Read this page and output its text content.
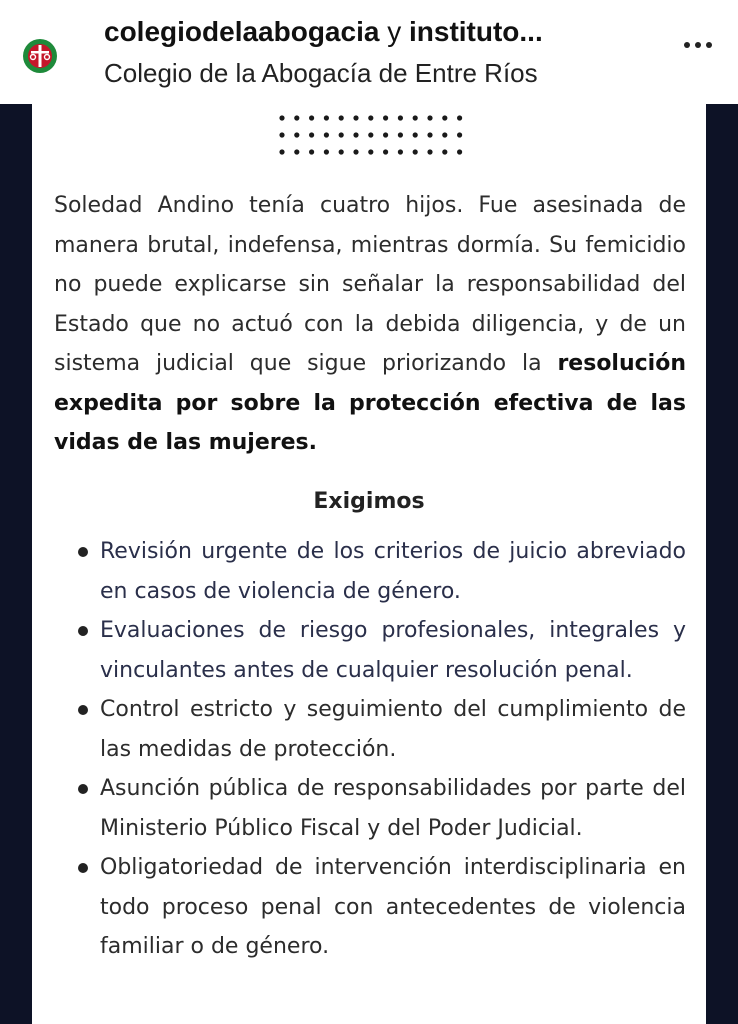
colegiodelaabogacia y instituto...
Colegio de la Abogacía de Entre Ríos

Soledad Andino tenía cuatro hijos. Fue asesinada de manera brutal, indefensa, mientras dormía. Su femicidio no puede explicarse sin señalar la responsabilidad del Estado que no actuó con la debida diligencia, y de un sistema judicial que sigue priorizando la resolución expedita por sobre la protección efectiva de las vidas de las mujeres.

Exigimos
Revisión urgente de los criterios de juicio abreviado en casos de violencia de género.
Evaluaciones de riesgo profesionales, integrales y vinculantes antes de cualquier resolución penal.
Control estricto y seguimiento del cumplimiento de las medidas de protección.
Asunción pública de responsabilidades por parte del Ministerio Público Fiscal y del Poder Judicial.
Obligatoriedad de intervención interdisciplinaria en todo proceso penal con antecedentes de violencia familiar o de género.
